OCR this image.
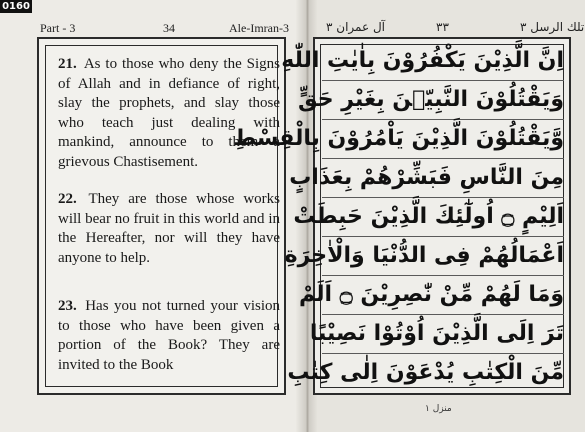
0160
Part - 3	34	Ale-Imran-3
21. As to those who deny the Signs of Allah and in defiance of right, slay the prophets, and slay those who teach just dealing with mankind, announce to them a grievous Chastisement.
22. They are those whose works will bear no fruit in this world and in the Hereafter, nor will they have anyone to help.
23. Has you not turned your vision to those who have been given a portion of the Book? They are invited to the Book
تلك الرسل ٣
٣٣
آل عمران ٣
اِنَّ الَّذِيْنَ يَكْفُرُوْنَ بِاٰيٰتِ اللّٰهِ
وَيَقْتُلُوْنَ النَّبِيّٖنَ بِغَيْرِ حَقٍّ
وَّيَقْتُلُوْنَ الَّذِيْنَ يَاْمُرُوْنَ بِالْقِسْطِ
مِنَ النَّاسِ فَبَشِّرْهُمْ بِعَذَابٍ
اَلِيْمٍ ۝ اُولٰٓئِكَ الَّذِيْنَ حَبِطَتْ
اَعْمَالُهُمْ فِى الدُّنْيَا وَالْاٰخِرَةِ
وَمَا لَهُمْ مِّنْ نّٰصِرِيْنَ ۝ اَلَمْ
تَرَ اِلَى الَّذِيْنَ اُوْتُوْا نَصِيْبًا
مِّنَ الْكِتٰبِ يُدْعَوْنَ اِلٰى كِتٰبِ
منزل ١
